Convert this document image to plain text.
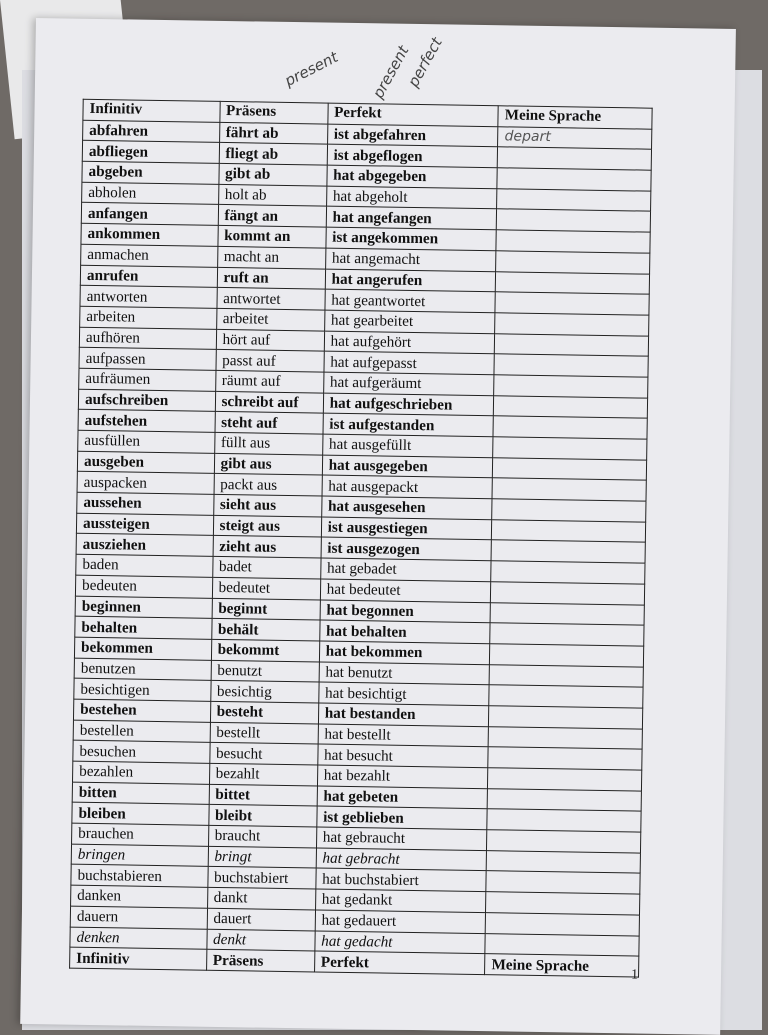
present present
perfect
Infinitiv	Präsens	Perfekt	Meine Sprache
abfahren	fährt ab	ist abgefahren	depart
abfliegen	fliegt ab	ist abgeflogen	
abgeben	gibt ab	hat abgegeben	
abholen	holt ab	hat abgeholt	
anfangen	fängt an	hat angefangen	
ankommen	kommt an	ist angekommen	
anmachen	macht an	hat angemacht	
anrufen	ruft an	hat angerufen	
antworten	antwortet	hat geantwortet	
arbeiten	arbeitet	hat gearbeitet	
aufhören	hört auf	hat aufgehört	
aufpassen	passt auf	hat aufgepasst	
aufräumen	räumt auf	hat aufgeräumt	
aufschreiben	schreibt auf	hat aufgeschrieben	
aufstehen	steht auf	ist aufgestanden	
ausfüllen	füllt aus	hat ausgefüllt	
ausgeben	gibt aus	hat ausgegeben	
auspacken	packt aus	hat ausgepackt	
aussehen	sieht aus	hat ausgesehen	
aussteigen	steigt aus	ist ausgestiegen	
ausziehen	zieht aus	ist ausgezogen	
baden	badet	hat gebadet	
bedeuten	bedeutet	hat bedeutet	
beginnen	beginnt	hat begonnen	
behalten	behält	hat behalten	
bekommen	bekommt	hat bekommen	
benutzen	benutzt	hat benutzt	
besichtigen	besichtig	hat besichtigt	
bestehen	besteht	hat bestanden	
bestellen	bestellt	hat bestellt	
besuchen	besucht	hat besucht	
bezahlen	bezahlt	hat bezahlt	
bitten	bittet	hat gebeten	
bleiben	bleibt	ist geblieben	
brauchen	braucht	hat gebraucht	
bringen	bringt	hat gebracht	
buchstabieren	buchstabiert	hat buchstabiert	
danken	dankt	hat gedankt	
dauern	dauert	hat gedauert	
denken	denkt	hat gedacht	
Infinitiv	Präsens	Perfekt	Meine Sprache
1
